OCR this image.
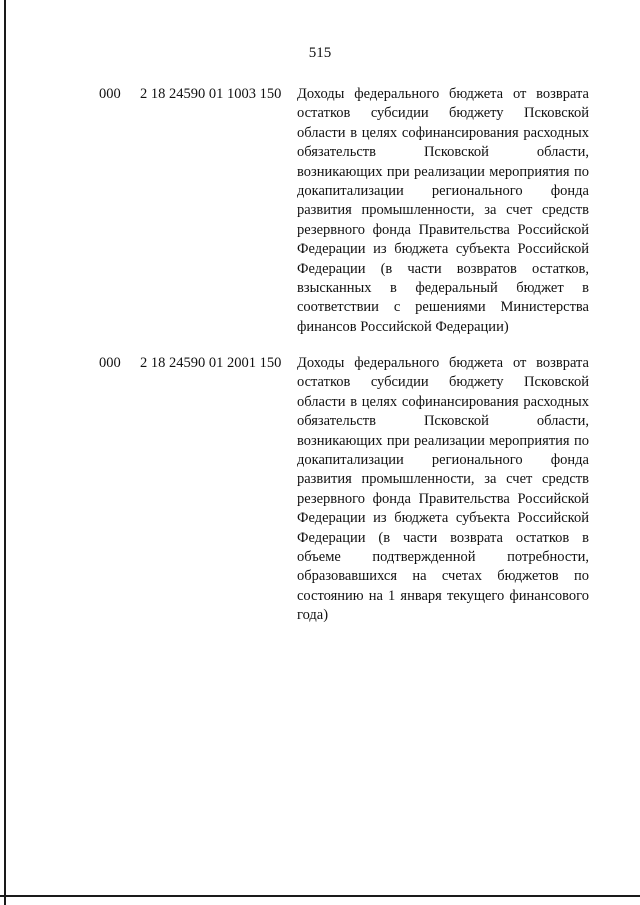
515
000 2 18 24590 01 1003 150 Доходы федерального бюджета от возврата остатков субсидии бюджету Псковской области в целях софинансирования расходных обязательств Псковской области, возникающих при реализации мероприятия по докапитализации регионального фонда развития промышленности, за счет средств резервного фонда Правительства Российской Федерации из бюджета субъекта Российской Федерации (в части возвратов остатков, взысканных в федеральный бюджет в соответствии с решениями Министерства финансов Российской Федерации)
000 2 18 24590 01 2001 150 Доходы федерального бюджета от возврата остатков субсидии бюджету Псковской области в целях софинансирования расходных обязательств Псковской области, возникающих при реализации мероприятия по докапитализации регионального фонда развития промышленности, за счет средств резервного фонда Правительства Российской Федерации из бюджета субъекта Российской Федерации (в части возврата остатков в объеме подтвержденной потребности, образовавшихся на счетах бюджетов по состоянию на 1 января текущего финансового года)
